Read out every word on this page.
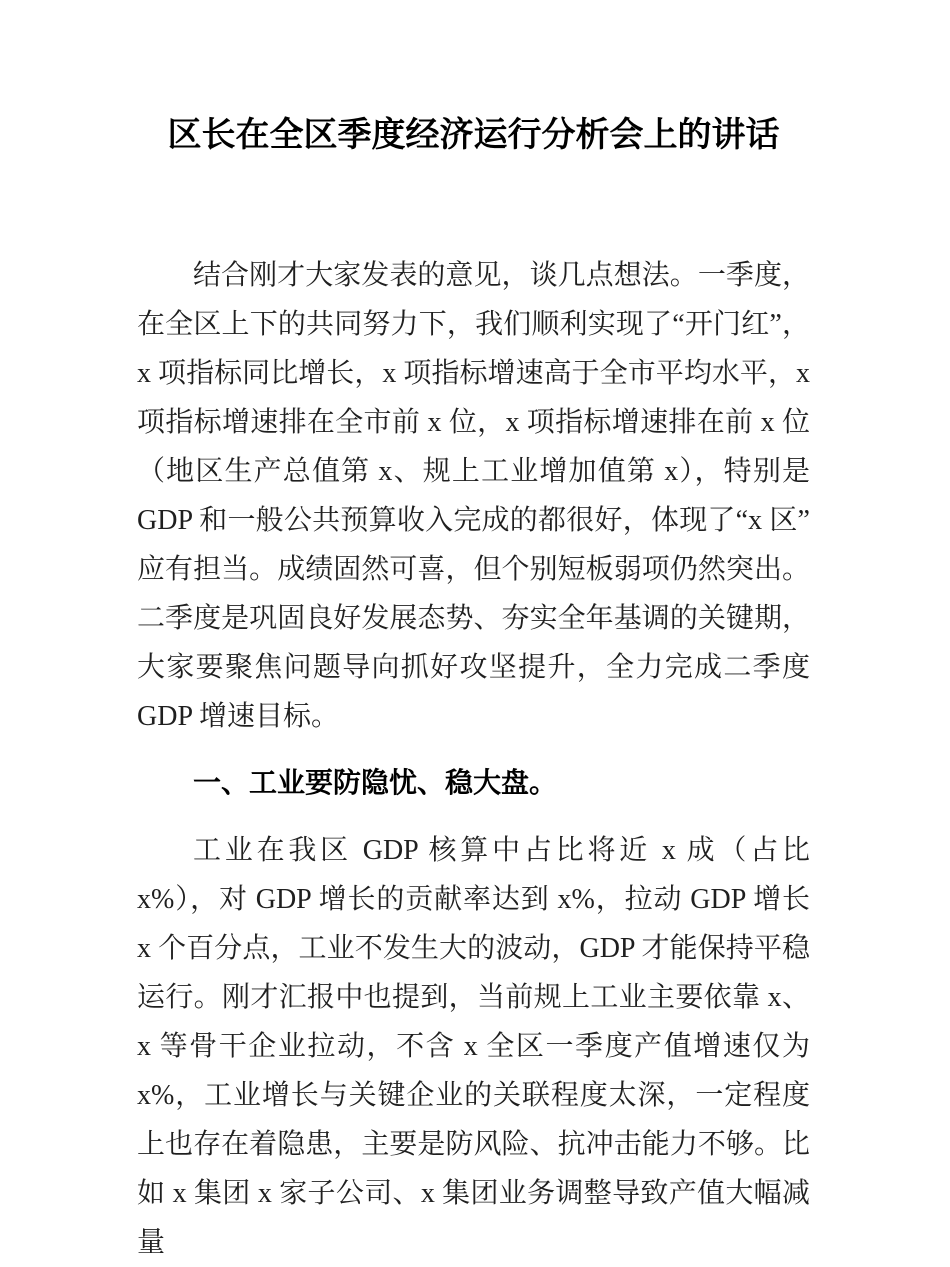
区长在全区季度经济运行分析会上的讲话

结合刚才大家发表的意见，谈几点想法。一季度，在全区上下的共同努力下，我们顺利实现了“开门红”，x 项指标同比增长，x 项指标增速高于全市平均水平，x 项指标增速排在全市前 x 位，x 项指标增速排在前 x 位（地区生产总值第 x、规上工业增加值第 x），特别是 GDP 和一般公共预算收入完成的都很好，体现了“x 区”应有担当。成绩固然可喜，但个别短板弱项仍然突出。二季度是巩固良好发展态势、夯实全年基调的关键期，大家要聚焦问题导向抓好攻坚提升，全力完成二季度 GDP 增速目标。

一、工业要防隐忧、稳大盘。

工业在我区 GDP 核算中占比将近 x 成（占比 x%），对 GDP 增长的贡献率达到 x%，拉动 GDP 增长 x 个百分点，工业不发生大的波动，GDP 才能保持平稳运行。刚才汇报中也提到，当前规上工业主要依靠 x、x 等骨干企业拉动，不含 x 全区一季度产值增速仅为 x%，工业增长与关键企业的关联程度太深，一定程度上也存在着隐患，主要是防风险、抗冲击能力不够。比如 x 集团 x 家子公司、x 集团业务调整导致产值大幅减量
